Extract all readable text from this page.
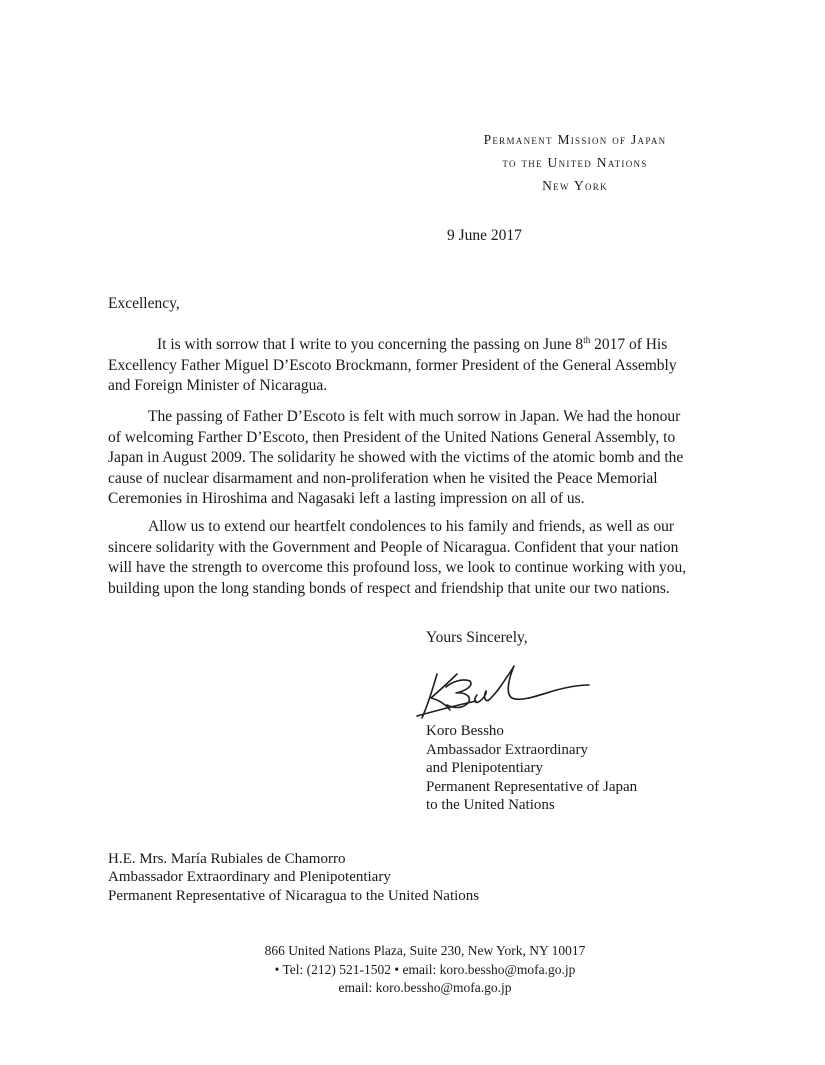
Permanent Mission of Japan
to the United Nations
New York
9 June 2017
Excellency,
It is with sorrow that I write to you concerning the passing on June 8th 2017 of His
Excellency Father Miguel D’Escoto Brockmann, former President of the General Assembly
and Foreign Minister of Nicaragua.
The passing of Father D’Escoto is felt with much sorrow in Japan. We had the honour
of welcoming Farther D’Escoto, then President of the United Nations General Assembly, to
Japan in August 2009. The solidarity he showed with the victims of the atomic bomb and the
cause of nuclear disarmament and non-proliferation when he visited the Peace Memorial
Ceremonies in Hiroshima and Nagasaki left a lasting impression on all of us.
Allow us to extend our heartfelt condolences to his family and friends, as well as our
sincere solidarity with the Government and People of Nicaragua. Confident that your nation
will have the strength to overcome this profound loss, we look to continue working with you,
building upon the long standing bonds of respect and friendship that unite our two nations.
Yours Sincerely,
Koro Bessho
Ambassador Extraordinary
and Plenipotentiary
Permanent Representative of Japan
to the United Nations
H.E. Mrs. María Rubiales de Chamorro
Ambassador Extraordinary and Plenipotentiary
Permanent Representative of Nicaragua to the United Nations
866 United Nations Plaza, Suite 230, New York, NY 10017
• Tel: (212) 521-1502 • email: koro.bessho@mofa.go.jp
email: koro.bessho@mofa.go.jp
